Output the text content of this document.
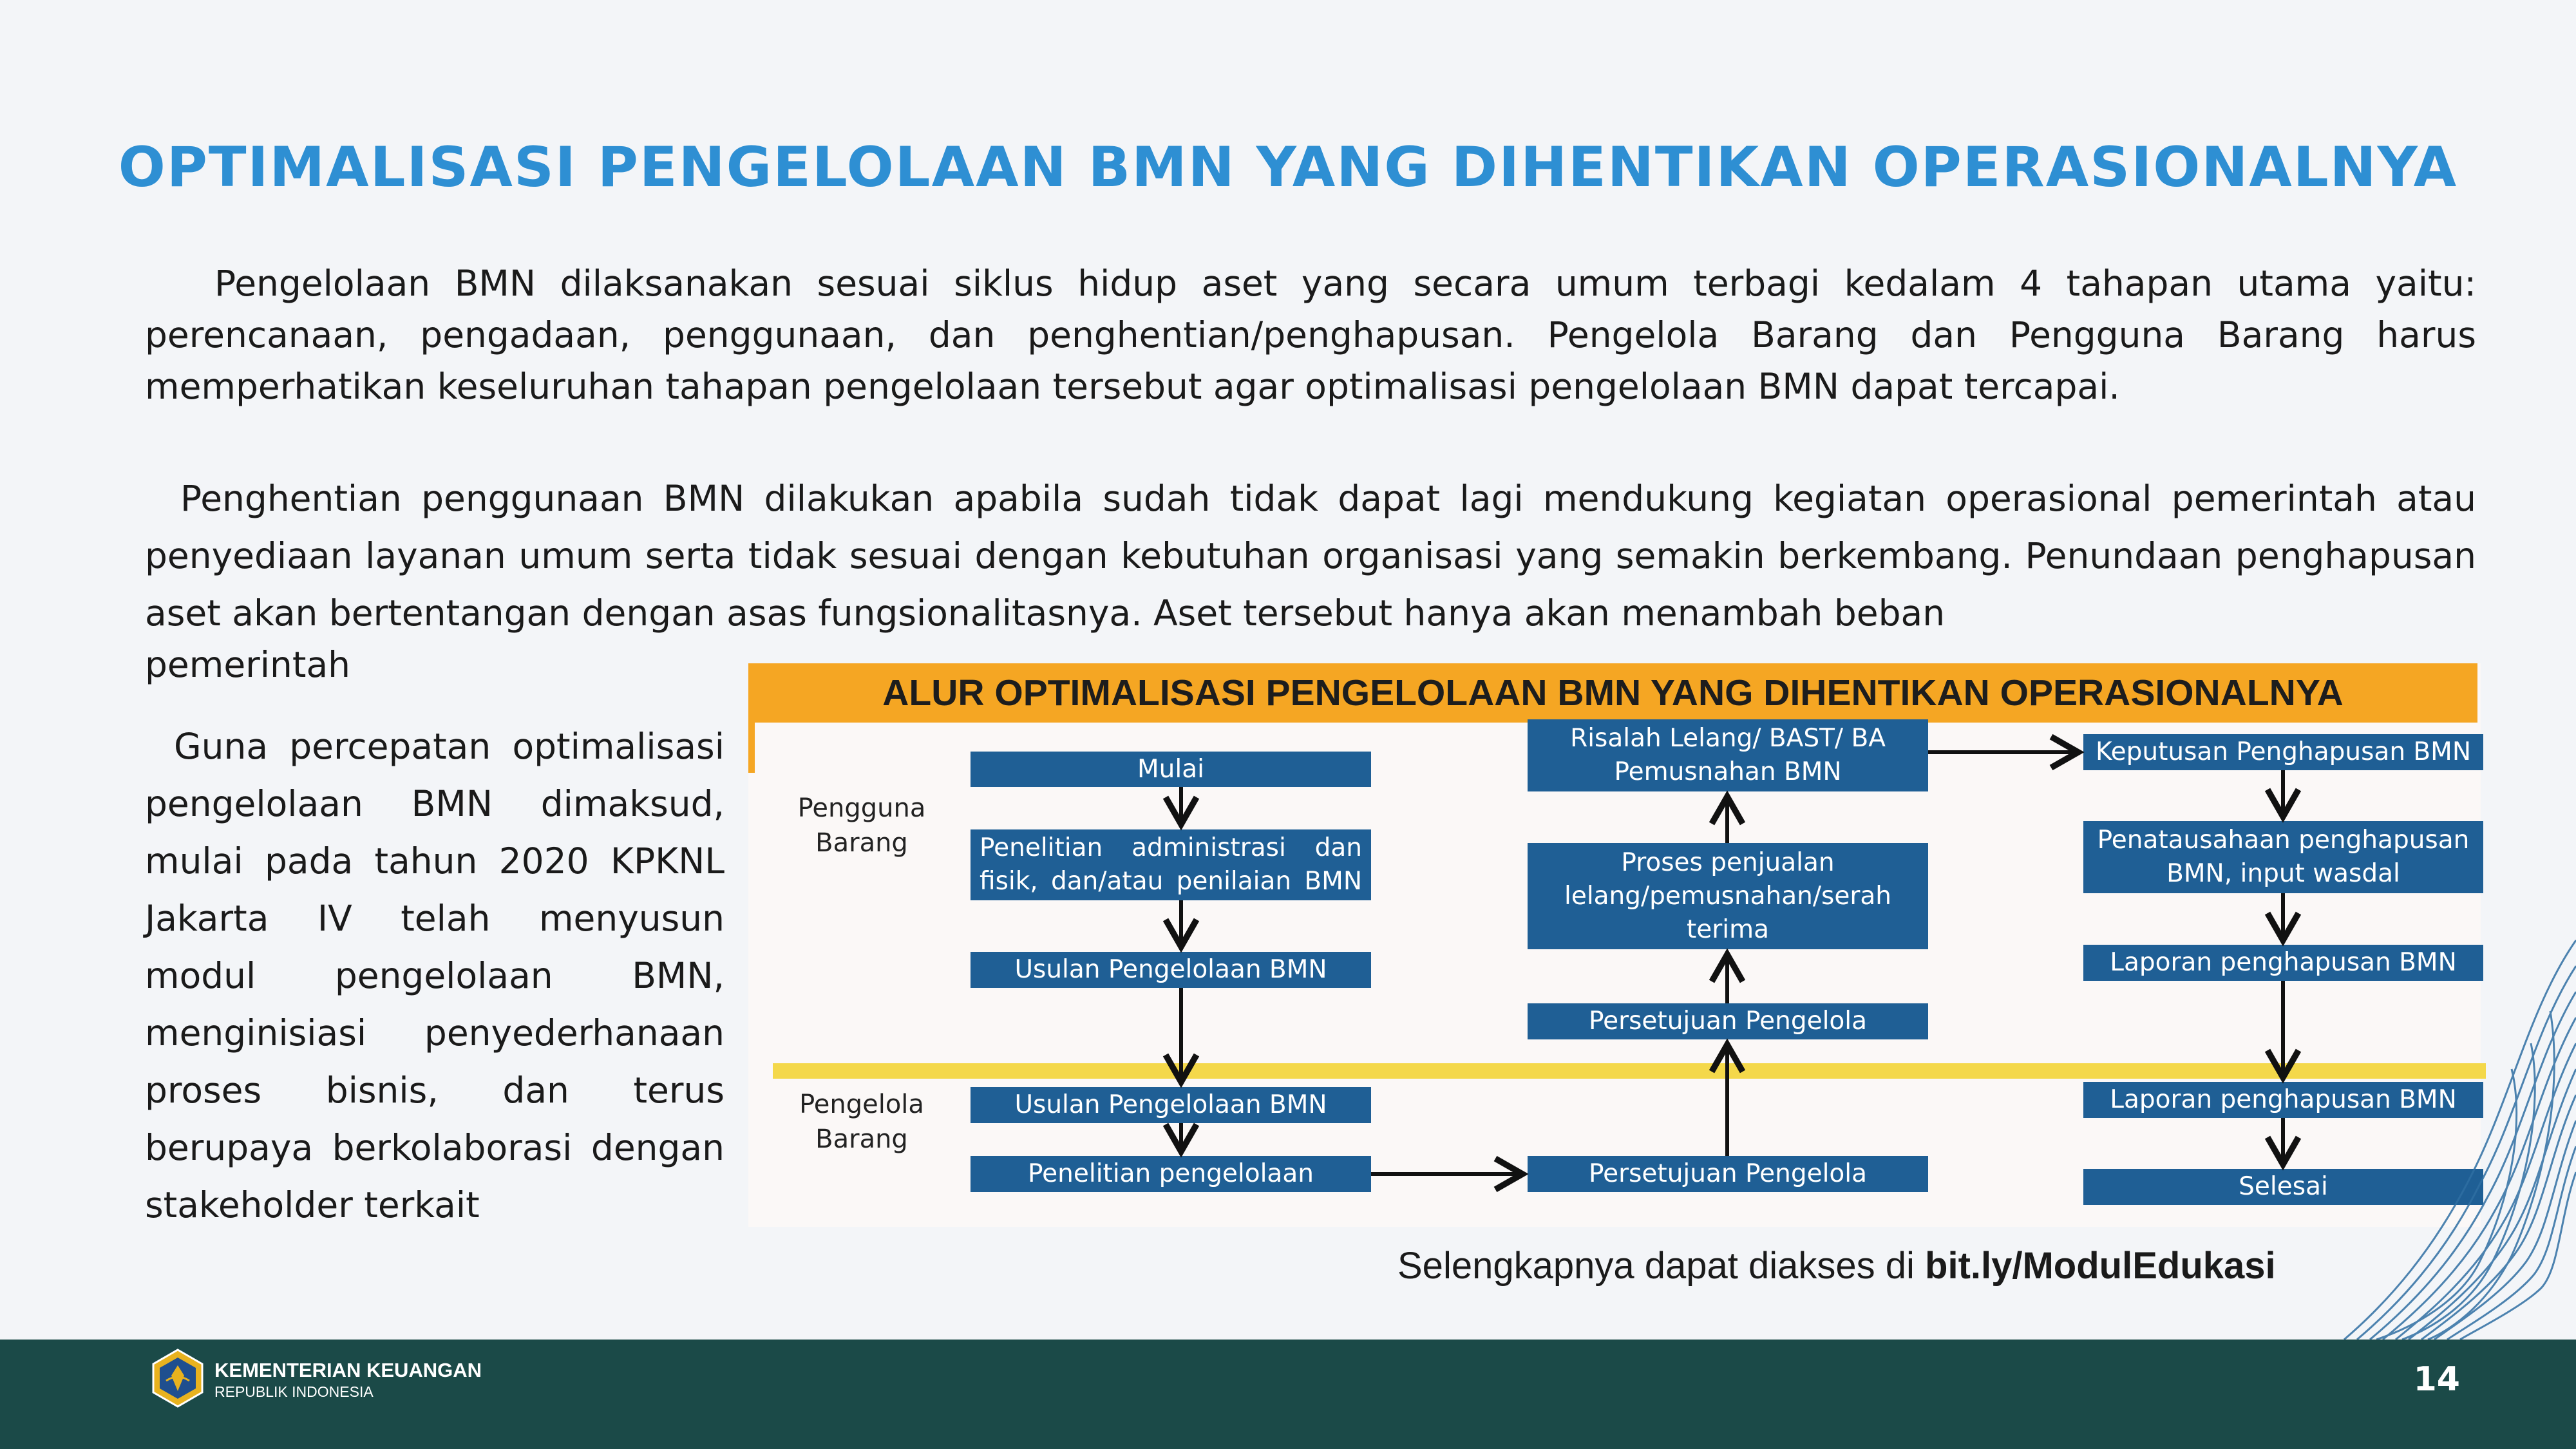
OPTIMALISASI PENGELOLAAN BMN YANG DIHENTIKAN OPERASIONALNYA

Pengelolaan BMN dilaksanakan sesuai siklus hidup aset yang secara umum terbagi kedalam 4 tahapan utama yaitu: perencanaan, pengadaan, penggunaan, dan penghentian/penghapusan. Pengelola Barang dan Pengguna Barang harus memperhatikan keseluruhan tahapan pengelolaan tersebut agar optimalisasi pengelolaan BMN dapat tercapai.

Penghentian penggunaan BMN dilakukan apabila sudah tidak dapat lagi mendukung kegiatan operasional pemerintah atau penyediaan layanan umum serta tidak sesuai dengan kebutuhan organisasi yang semakin berkembang. Penundaan penghapusan aset akan bertentangan dengan asas fungsionalitasnya. Aset tersebut hanya akan menambah beban

pemerintah

Guna percepatan optimalisasi pengelolaan BMN dimaksud, mulai pada tahun 2020 KPKNL Jakarta IV telah menyusun modul pengelolaan BMN, menginisiasi penyederhanaan proses bisnis, dan terus berupaya berkolaborasi dengan stakeholder terkait

ALUR OPTIMALISASI PENGELOLAAN BMN YANG DIHENTIKAN OPERASIONALNYA
Pengguna Barang
Pengelola Barang
Mulai
Penelitian administrasi dan fisik, dan/atau penilaian BMN
Usulan Pengelolaan BMN
Usulan Pengelolaan BMN
Penelitian pengelolaan
Risalah Lelang/ BAST/ BA Pemusnahan BMN
Proses penjualan lelang/pemusnahan/serah terima
Persetujuan Pengelola
Persetujuan Pengelola
Keputusan Penghapusan BMN
Penatausahaan penghapusan BMN, input wasdal
Laporan penghapusan BMN
Laporan penghapusan BMN
Selesai
Selengkapnya dapat diakses di bit.ly/ModulEdukasi
KEMENTERIAN KEUANGAN
REPUBLIK INDONESIA	14
